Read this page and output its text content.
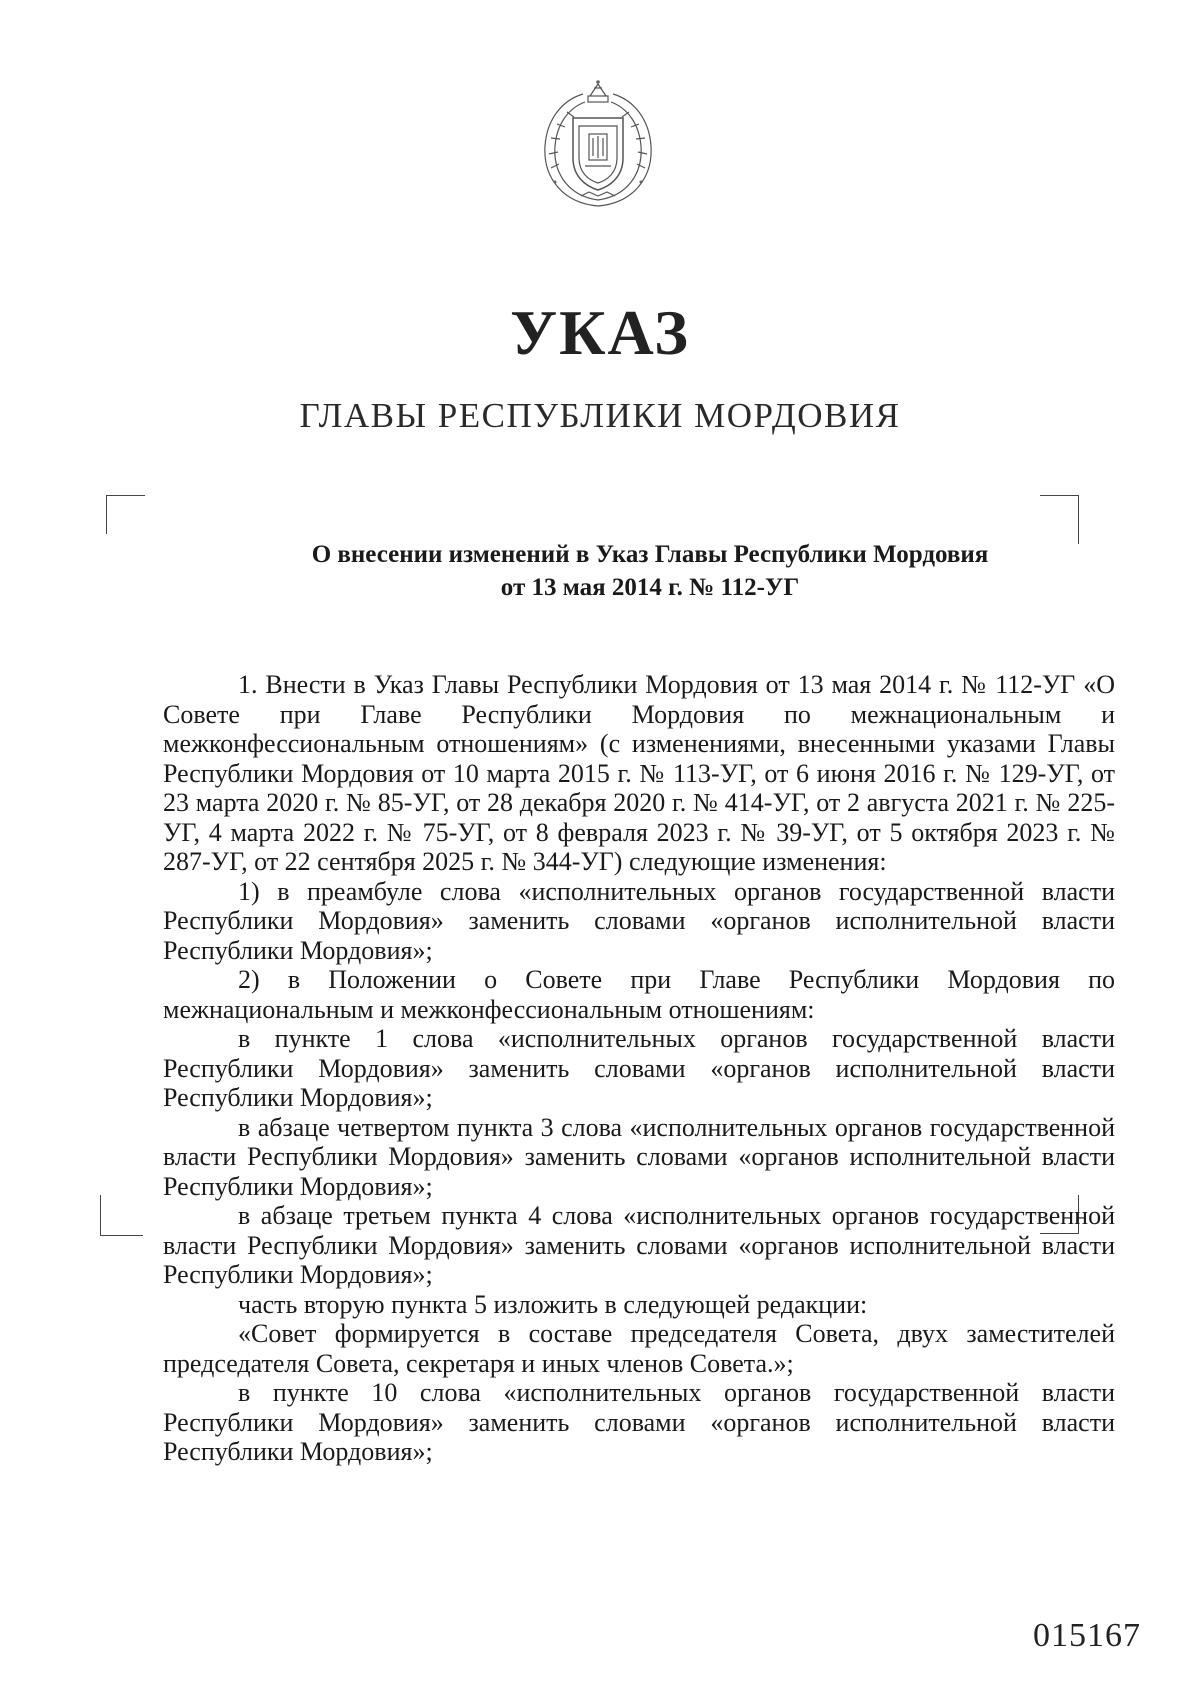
УКАЗ
ГЛАВЫ РЕСПУБЛИКИ МОРДОВИЯ
О внесении изменений в Указ Главы Республики Мордовия
от 13 мая 2014 г. № 112-УГ

1. Внести в Указ Главы Республики Мордовия от 13 мая 2014 г. № 112-УГ «О Совете при Главе Республики Мордовия по межнациональным и межконфессиональным отношениям» (с изменениями, внесенными указами Главы Республики Мордовия от 10 марта 2015 г. № 113-УГ, от 6 июня 2016 г. № 129-УГ, от 23 марта 2020 г. № 85-УГ, от 28 декабря 2020 г. № 414-УГ, от 2 августа 2021 г. № 225-УГ, 4 марта 2022 г. № 75-УГ, от 8 февраля 2023 г. № 39-УГ, от 5 октября 2023 г. № 287-УГ, от 22 сентября 2025 г. № 344-УГ) следующие изменения:

1) в преамбуле слова «исполнительных органов государственной власти Республики Мордовия» заменить словами «органов исполнительной власти Республики Мордовия»;

2) в Положении о Совете при Главе Республики Мордовия по межнациональным и межконфессиональным отношениям:

в пункте 1 слова «исполнительных органов государственной власти Республики Мордовия» заменить словами «органов исполнительной власти Республики Мордовия»;

в абзаце четвертом пункта 3 слова «исполнительных органов государственной власти Республики Мордовия» заменить словами «органов исполнительной власти Республики Мордовия»;

в абзаце третьем пункта 4 слова «исполнительных органов государственной власти Республики Мордовия» заменить словами «органов исполнительной власти Республики Мордовия»;

часть вторую пункта 5 изложить в следующей редакции:

«Совет формируется в составе председателя Совета, двух заместителей председателя Совета, секретаря и иных членов Совета.»;

в пункте 10 слова «исполнительных органов государственной власти Республики Мордовия» заменить словами «органов исполнительной власти Республики Мордовия»;

015167
